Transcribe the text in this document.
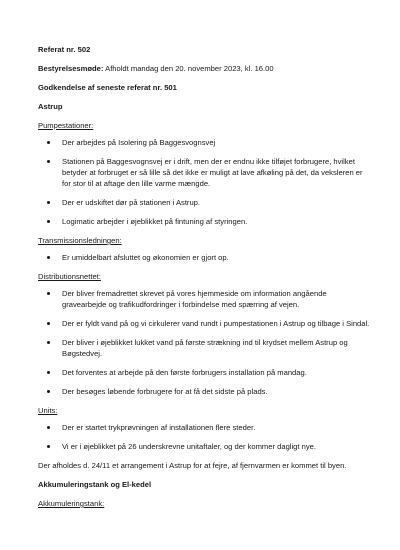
Referat nr. 502

Bestyrelsesmøde: Afholdt mandag den 20. november 2023, kl. 16.00

Godkendelse af seneste referat nr. 501

Astrup

Pumpestationer:

Der arbejdes på Isolering på Baggesvognsvej
Stationen på Baggesvognsvej er i drift, men der er endnu ikke tilføjet forbrugere, hvilket betyder at forbruget er så lille så det ikke er muligt at lave afkøling på det, da veksleren er for stor til at aftage den lille varme mængde.
Der er udskiftet dør på stationen i Astrup.
Logimatic arbejder i øjeblikket på fintuning af styringen.

Transmissionsledningen:

Er umiddelbart afsluttet og økonomien er gjort op.

Distributionsnettet:

Der bliver fremadrettet skrevet på vores hjemmeside om information angående gravearbejde og trafikudfordringer i forbindelse med spærring af vejen.
Der er fyldt vand på og vi cirkulerer vand rundt i pumpestationen i Astrup og tilbage i Sindal.
Der bliver i øjeblikket lukket vand på første strækning ind til krydset mellem Astrup og Bøgstedvej.
Det forventes at arbejde på den første forbrugers installation på mandag.
Der besøges løbende forbrugere for at få det sidste på plads.

Units:

Der er startet trykprøvningen af installationen flere steder.
Vi er i øjeblikket på 26 underskrevne unitaftaler, og der kommer dagligt nye.

Der afholdes d. 24/11 et arrangement i Astrup for at fejre, af fjernvarmen er kommet til byen.

Akkumuleringstank og El-kedel

Akkumuleringstank:
